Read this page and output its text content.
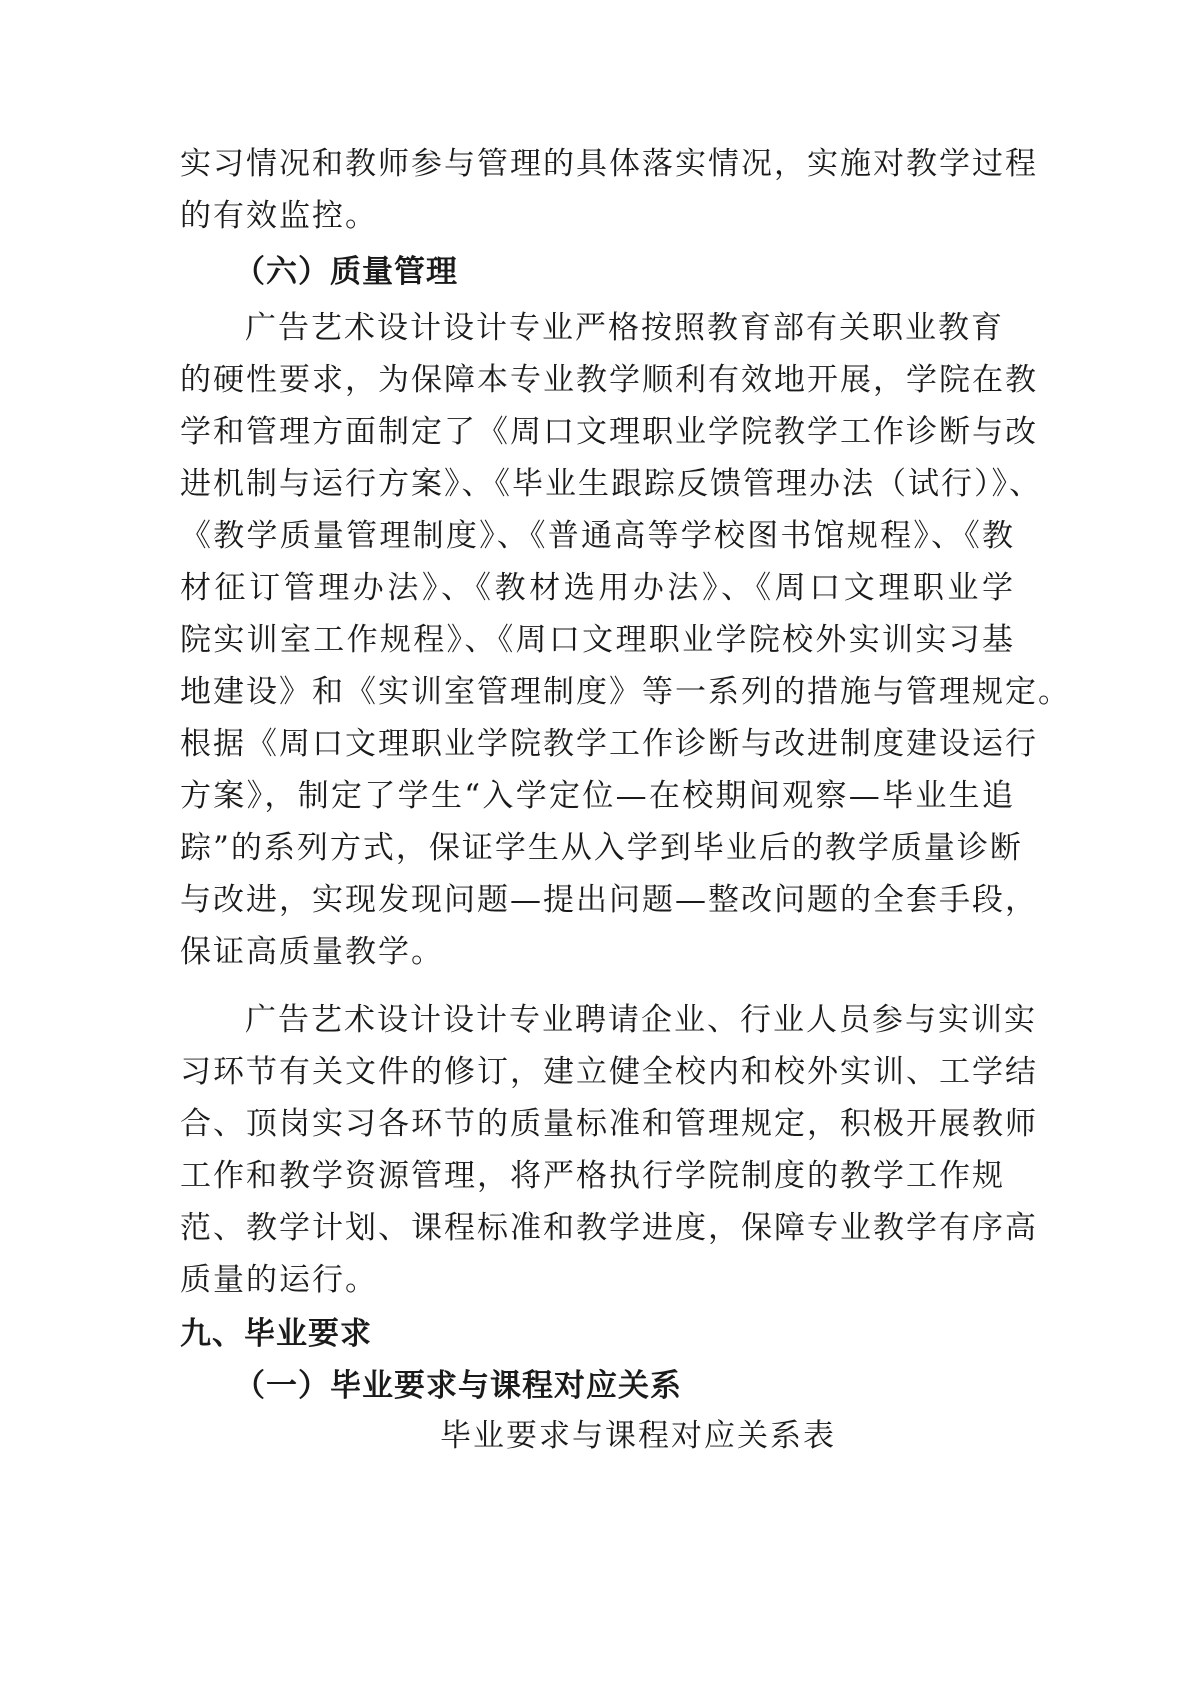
实习情况和教师参与管理的具体落实情况，实施对教学过程
的有效监控。
（六）质量管理
广告艺术设计设计专业严格按照教育部有关职业教育
的硬性要求，为保障本专业教学顺利有效地开展，学院在教
学和管理方面制定了《周口文理职业学院教学工作诊断与改
进机制与运行方案》、《毕业生跟踪反馈管理办法（试行）》、
《教学质量管理制度》、《普通高等学校图书馆规程》、《教
材征订管理办法》、《教材选用办法》、《周口文理职业学
院实训室工作规程》、《周口文理职业学院校外实训实习基
地建设》和《实训室管理制度》等一系列的措施与管理规定。
根据《周口文理职业学院教学工作诊断与改进制度建设运行
方案》，制定了学生“入学定位—在校期间观察—毕业生追
踪”的系列方式，保证学生从入学到毕业后的教学质量诊断
与改进，实现发现问题—提出问题—整改问题的全套手段，
保证高质量教学。
广告艺术设计设计专业聘请企业、行业人员参与实训实
习环节有关文件的修订，建立健全校内和校外实训、工学结
合、顶岗实习各环节的质量标准和管理规定，积极开展教师
工作和教学资源管理，将严格执行学院制度的教学工作规
范、教学计划、课程标准和教学进度，保障专业教学有序高
质量的运行。
九、毕业要求
（一）毕业要求与课程对应关系
毕业要求与课程对应关系表
